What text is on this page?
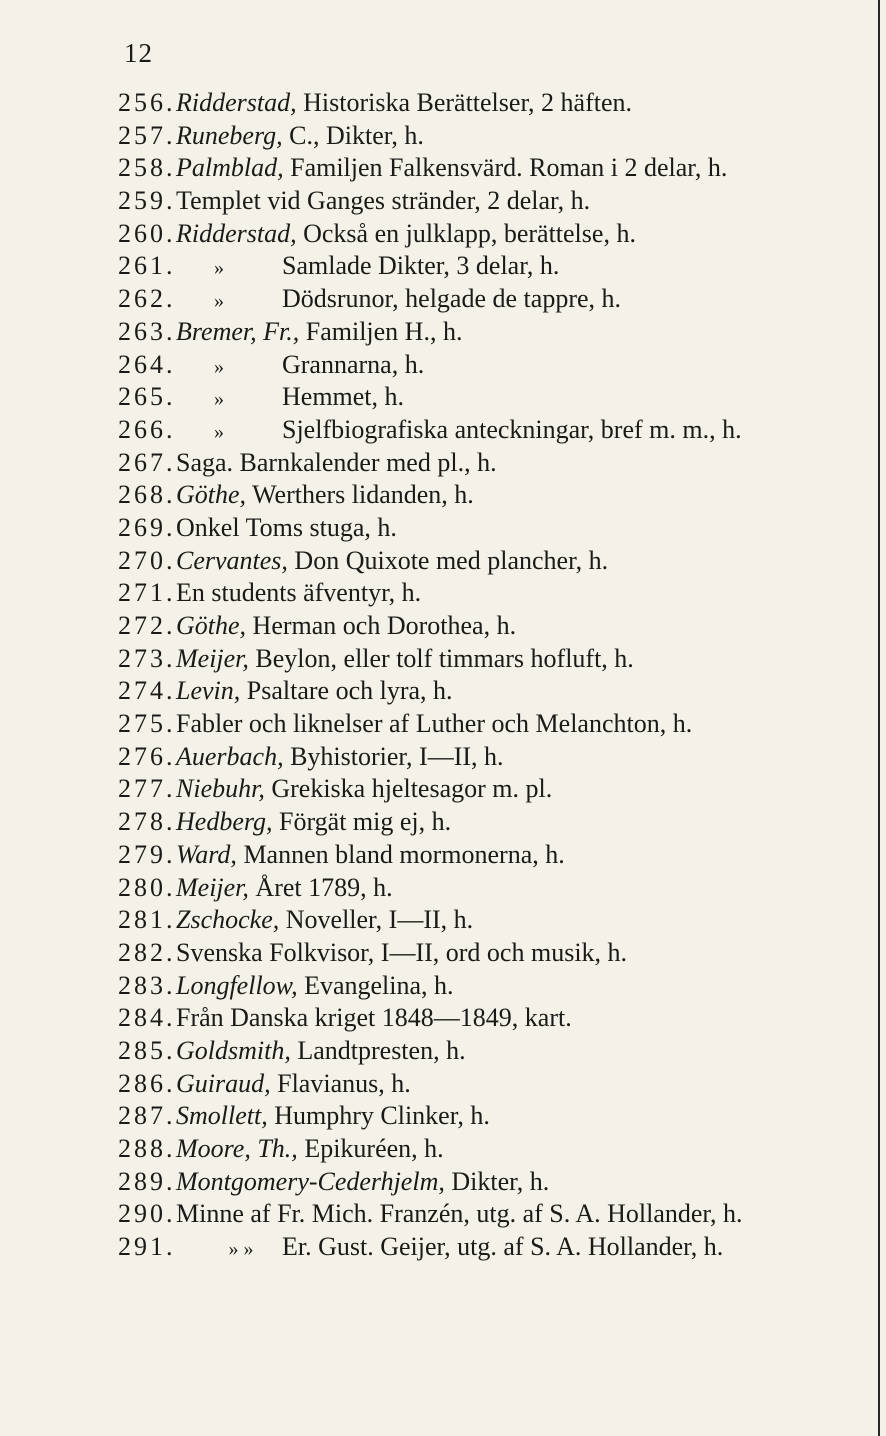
12
256. Ridderstad, Historiska Berättelser, 2 häften.
257. Runeberg, C., Dikter, h.
258. Palmblad, Familjen Falkensvärd. Roman i 2 delar, h.
259. Templet vid Ganges stränder, 2 delar, h.
260. Ridderstad, Också en julklapp, berättelse, h.
261.	» Samlade Dikter, 3 delar, h.
262.	» Dödsrunor, helgade de tappre, h.
263. Bremer, Fr., Familjen H., h.
264.	» Grannarna, h.
265.	» Hemmet, h.
266.	» Sjelfbiografiska anteckningar, bref m. m., h.
267. Saga. Barnkalender med pl., h.
268. Göthe, Werthers lidanden, h.
269. Onkel Toms stuga, h.
270. Cervantes, Don Quixote med plancher, h.
271. En students äfventyr, h.
272. Göthe, Herman och Dorothea, h.
273. Meijer, Beylon, eller tolf timmars hofluft, h.
274. Levin, Psaltare och lyra, h.
275. Fabler och liknelser af Luther och Melanchton, h.
276. Auerbach, Byhistorier, I—II, h.
277. Niebuhr, Grekiska hjeltesagor m. pl.
278. Hedberg, Förgät mig ej, h.
279. Ward, Mannen bland mormonerna, h.
280. Meijer, Året 1789, h.
281. Zschocke, Noveller, I—II, h.
282. Svenska Folkvisor, I—II, ord och musik, h.
283. Longfellow, Evangelina, h.
284. Från Danska kriget 1848—1849, kart.
285. Goldsmith, Landtpresten, h.
286. Guiraud, Flavianus, h.
287. Smollett, Humphry Clinker, h.
288. Moore, Th., Epikuréen, h.
289. Montgomery-Cederhjelm, Dikter, h.
290. Minne af Fr. Mich. Franzén, utg. af S. A. Hollander, h.
291.	» » Er. Gust. Geijer, utg. af S. A. Hollander, h.
